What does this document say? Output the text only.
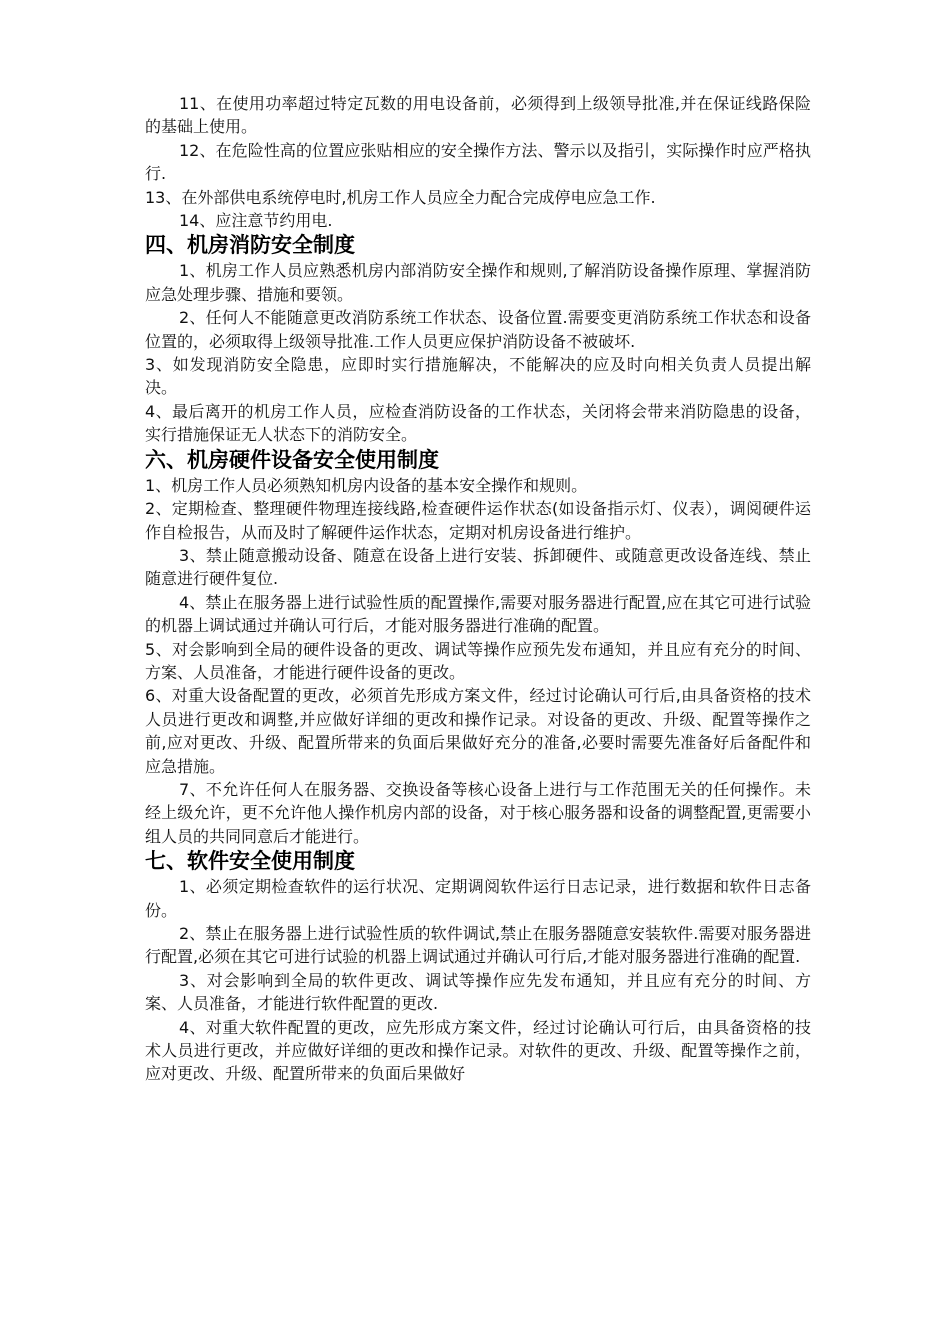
11、在使用功率超过特定瓦数的用电设备前，必须得到上级领导批准,并在保证线路保险的基础上使用。

12、在危险性高的位置应张贴相应的安全操作方法、警示以及指引，实际操作时应严格执行.

13、在外部供电系统停电时,机房工作人员应全力配合完成停电应急工作.

14、应注意节约用电.

四、机房消防安全制度

1、机房工作人员应熟悉机房内部消防安全操作和规则,了解消防设备操作原理、掌握消防应急处理步骤、措施和要领。

2、任何人不能随意更改消防系统工作状态、设备位置.需要变更消防系统工作状态和设备位置的，必须取得上级领导批准.工作人员更应保护消防设备不被破坏.

3、如发现消防安全隐患，应即时实行措施解决，不能解决的应及时向相关负责人员提出解决。

4、最后离开的机房工作人员，应检查消防设备的工作状态，关闭将会带来消防隐患的设备，实行措施保证无人状态下的消防安全。

六、机房硬件设备安全使用制度

1、机房工作人员必须熟知机房内设备的基本安全操作和规则。

2、定期检查、整理硬件物理连接线路,检查硬件运作状态(如设备指示灯、仪表），调阅硬件运作自检报告，从而及时了解硬件运作状态，定期对机房设备进行维护。

3、禁止随意搬动设备、随意在设备上进行安装、拆卸硬件、或随意更改设备连线、禁止随意进行硬件复位.

4、禁止在服务器上进行试验性质的配置操作,需要对服务器进行配置,应在其它可进行试验的机器上调试通过并确认可行后，才能对服务器进行准确的配置。

5、对会影响到全局的硬件设备的更改、调试等操作应预先发布通知，并且应有充分的时间、方案、人员准备，才能进行硬件设备的更改。

6、对重大设备配置的更改，必须首先形成方案文件，经过讨论确认可行后,由具备资格的技术人员进行更改和调整,并应做好详细的更改和操作记录。对设备的更改、升级、配置等操作之前,应对更改、升级、配置所带来的负面后果做好充分的准备,必要时需要先准备好后备配件和应急措施。

7、不允许任何人在服务器、交换设备等核心设备上进行与工作范围无关的任何操作。未经上级允许，更不允许他人操作机房内部的设备，对于核心服务器和设备的调整配置,更需要小组人员的共同同意后才能进行。

七、软件安全使用制度

1、必须定期检查软件的运行状况、定期调阅软件运行日志记录，进行数据和软件日志备份。

2、禁止在服务器上进行试验性质的软件调试,禁止在服务器随意安装软件.需要对服务器进行配置,必须在其它可进行试验的机器上调试通过并确认可行后,才能对服务器进行准确的配置.

3、对会影响到全局的软件更改、调试等操作应先发布通知，并且应有充分的时间、方案、人员准备，才能进行软件配置的更改.

4、对重大软件配置的更改，应先形成方案文件，经过讨论确认可行后，由具备资格的技术人员进行更改，并应做好详细的更改和操作记录。对软件的更改、升级、配置等操作之前，应对更改、升级、配置所带来的负面后果做好
